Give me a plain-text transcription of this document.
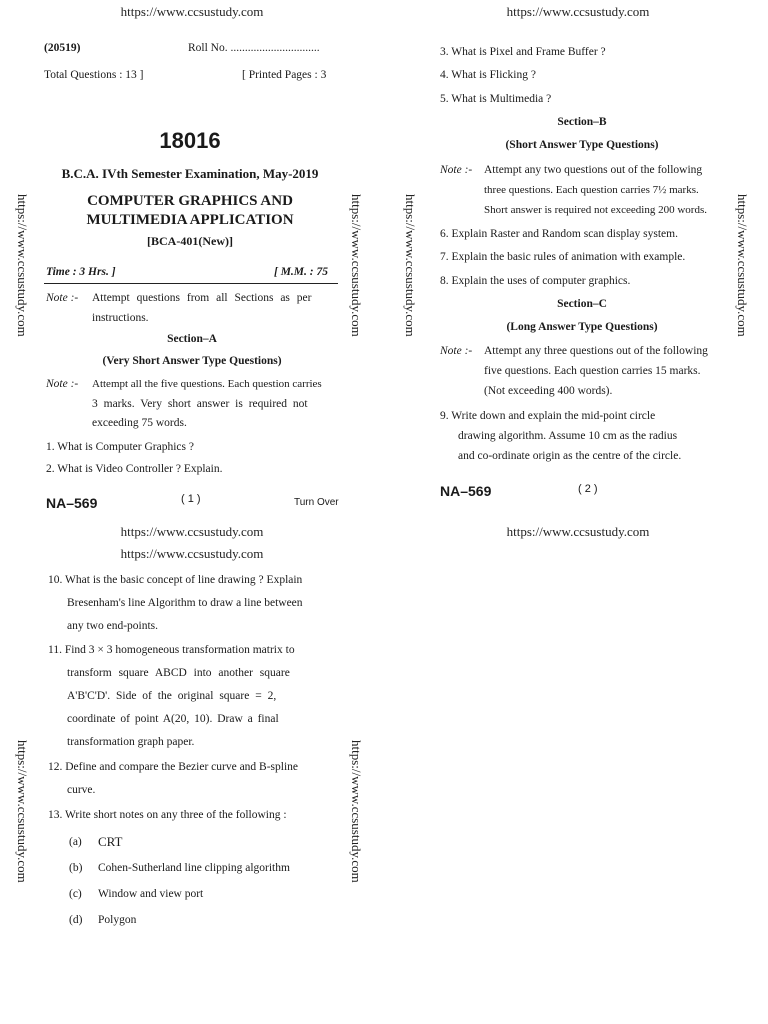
https://www.ccsustudy.com	https://www.ccsustudy.com
https://www.ccsustudy.com	https://www.ccsustudy.com	https://www.ccsustudy.com	https://www.ccsustudy.com
https://www.ccsustudy.com	https://www.ccsustudy.com
(20519)	Roll No. ...............................
Total Questions : 13 ]	[ Printed Pages : 3
18016
B.C.A. IVth Semester Examination, May-2019
COMPUTER GRAPHICS AND
MULTIMEDIA APPLICATION
[BCA-401(New)]
Time : 3 Hrs. ]	[ M.M. : 75
Note :- Attempt questions from all Sections as per
instructions.
Section–A
(Very Short Answer Type Questions)
Note :- Attempt all the five questions. Each question carries
3 marks. Very short answer is required not
exceeding 75 words.
1. What is Computer Graphics ?
2. What is Video Controller ? Explain.
NA–569	( 1 )	Turn Over
3. What is Pixel and Frame Buffer ?
4. What is Flicking ?
5. What is Multimedia ?
Section–B
(Short Answer Type Questions)
Note :- Attempt any two questions out of the following
three questions. Each question carries 7½ marks.
Short answer is required not exceeding 200 words.
6. Explain Raster and Random scan display system.
7. Explain the basic rules of animation with example.
8. Explain the uses of computer graphics.
Section–C
(Long Answer Type Questions)
Note :- Attempt any three questions out of the following
five questions. Each question carries 15 marks.
(Not exceeding 400 words).
9. Write down and explain the mid-point circle
drawing algorithm. Assume 10 cm as the radius
and co-ordinate origin as the centre of the circle.
NA–569	( 2 )
https://www.ccsustudy.com	https://www.ccsustudy.com
https://www.ccsustudy.com
10. What is the basic concept of line drawing ? Explain
Bresenham's line Algorithm to draw a line between
any two end-points.
11. Find 3 × 3 homogeneous transformation matrix to
transform square ABCD into another square
A'B'C'D'. Side of the original square = 2,
coordinate of point A(20, 10). Draw a final
transformation graph paper.
12. Define and compare the Bezier curve and B-spline
curve.
13. Write short notes on any three of the following :
(a) CRT
(b) Cohen-Sutherland line clipping algorithm
(c) Window and view port
(d) Polygon
